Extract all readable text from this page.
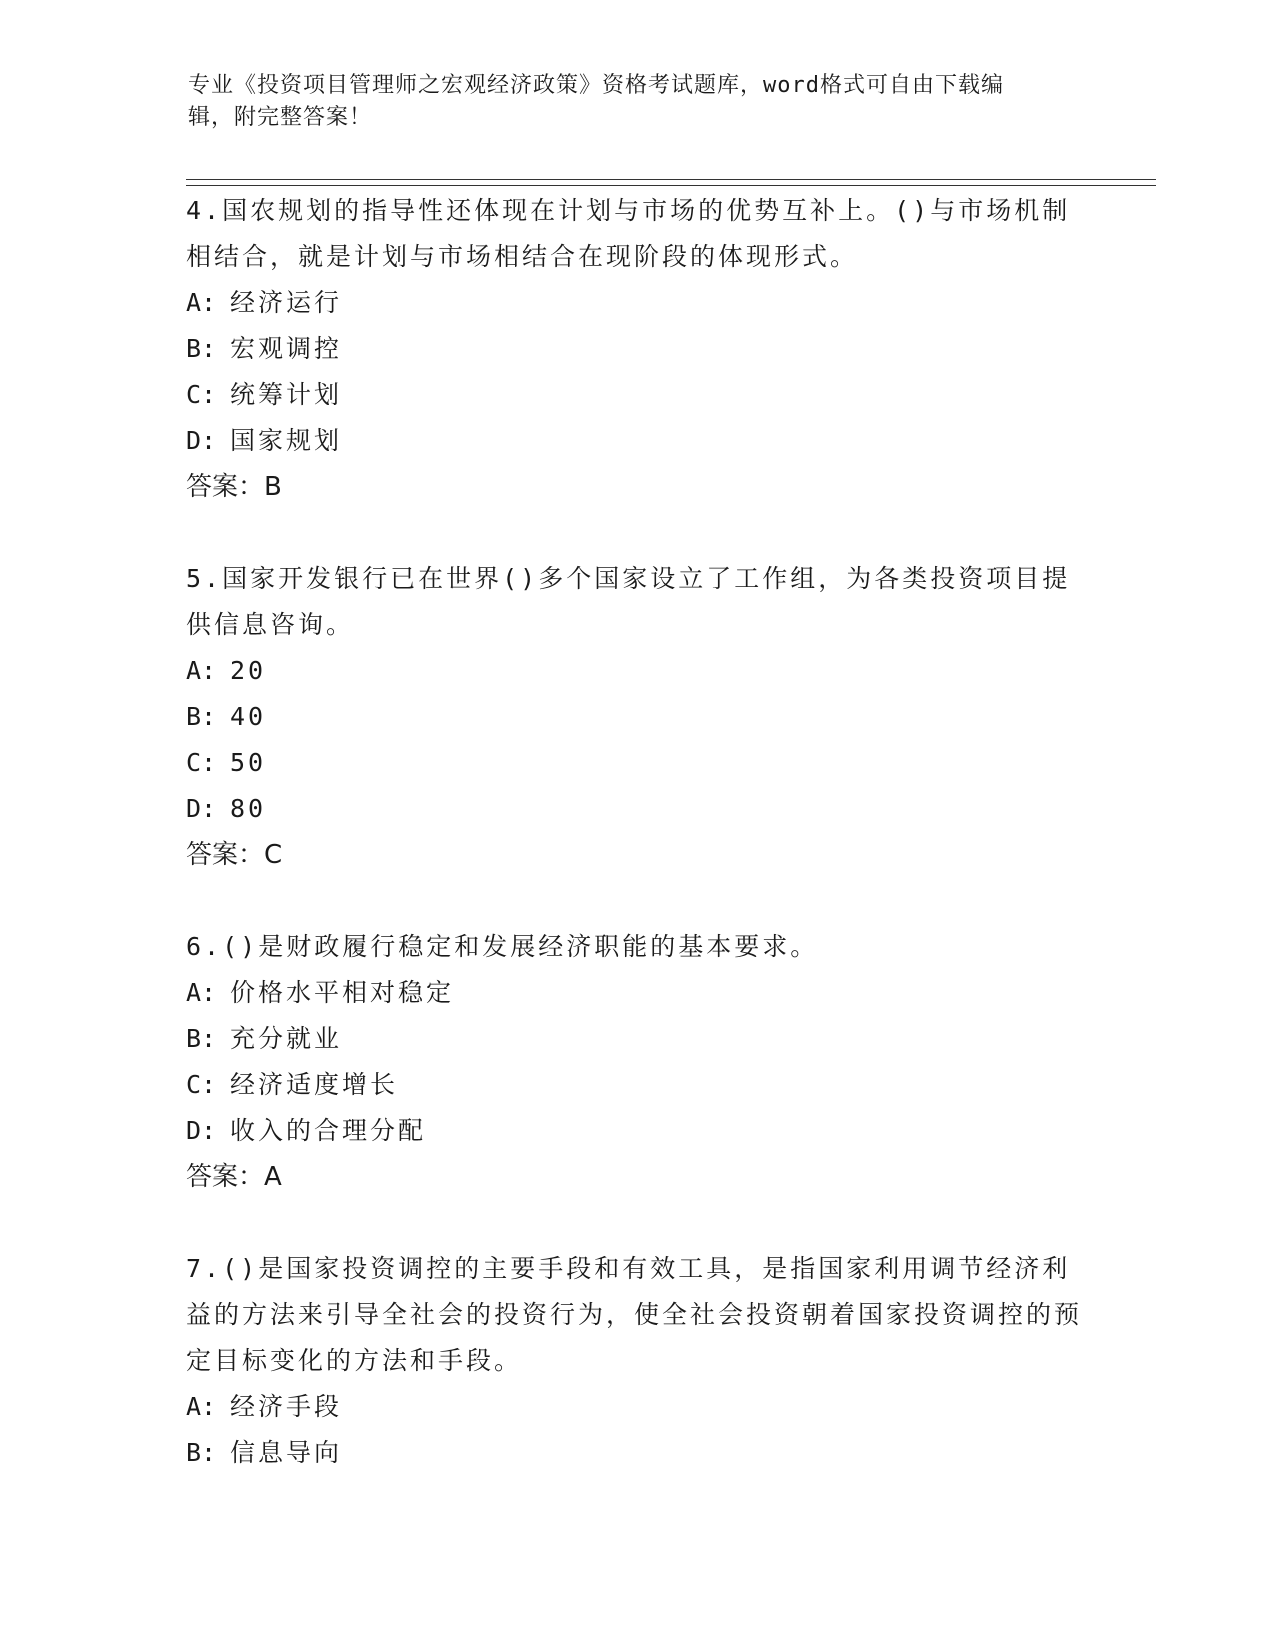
专业《投资项目管理师之宏观经济政策》资格考试题库，word格式可自由下载编
辑，附完整答案！

4.国农规划的指导性还体现在计划与市场的优势互补上。()与市场机制相结合，就是计划与市场相结合在现阶段的体现形式。

A: 经济运行

B: 宏观调控

C: 统筹计划

D: 国家规划

答案：B

5.国家开发银行已在世界()多个国家设立了工作组，为各类投资项目提供信息咨询。

A: 20

B: 40

C: 50

D: 80

答案：C

6.()是财政履行稳定和发展经济职能的基本要求。

A: 价格水平相对稳定

B: 充分就业

C: 经济适度增长

D: 收入的合理分配

答案：A

7.()是国家投资调控的主要手段和有效工具，是指国家利用调节经济利益的方法来引导全社会的投资行为，使全社会投资朝着国家投资调控的预定目标变化的方法和手段。

A: 经济手段

B: 信息导向
